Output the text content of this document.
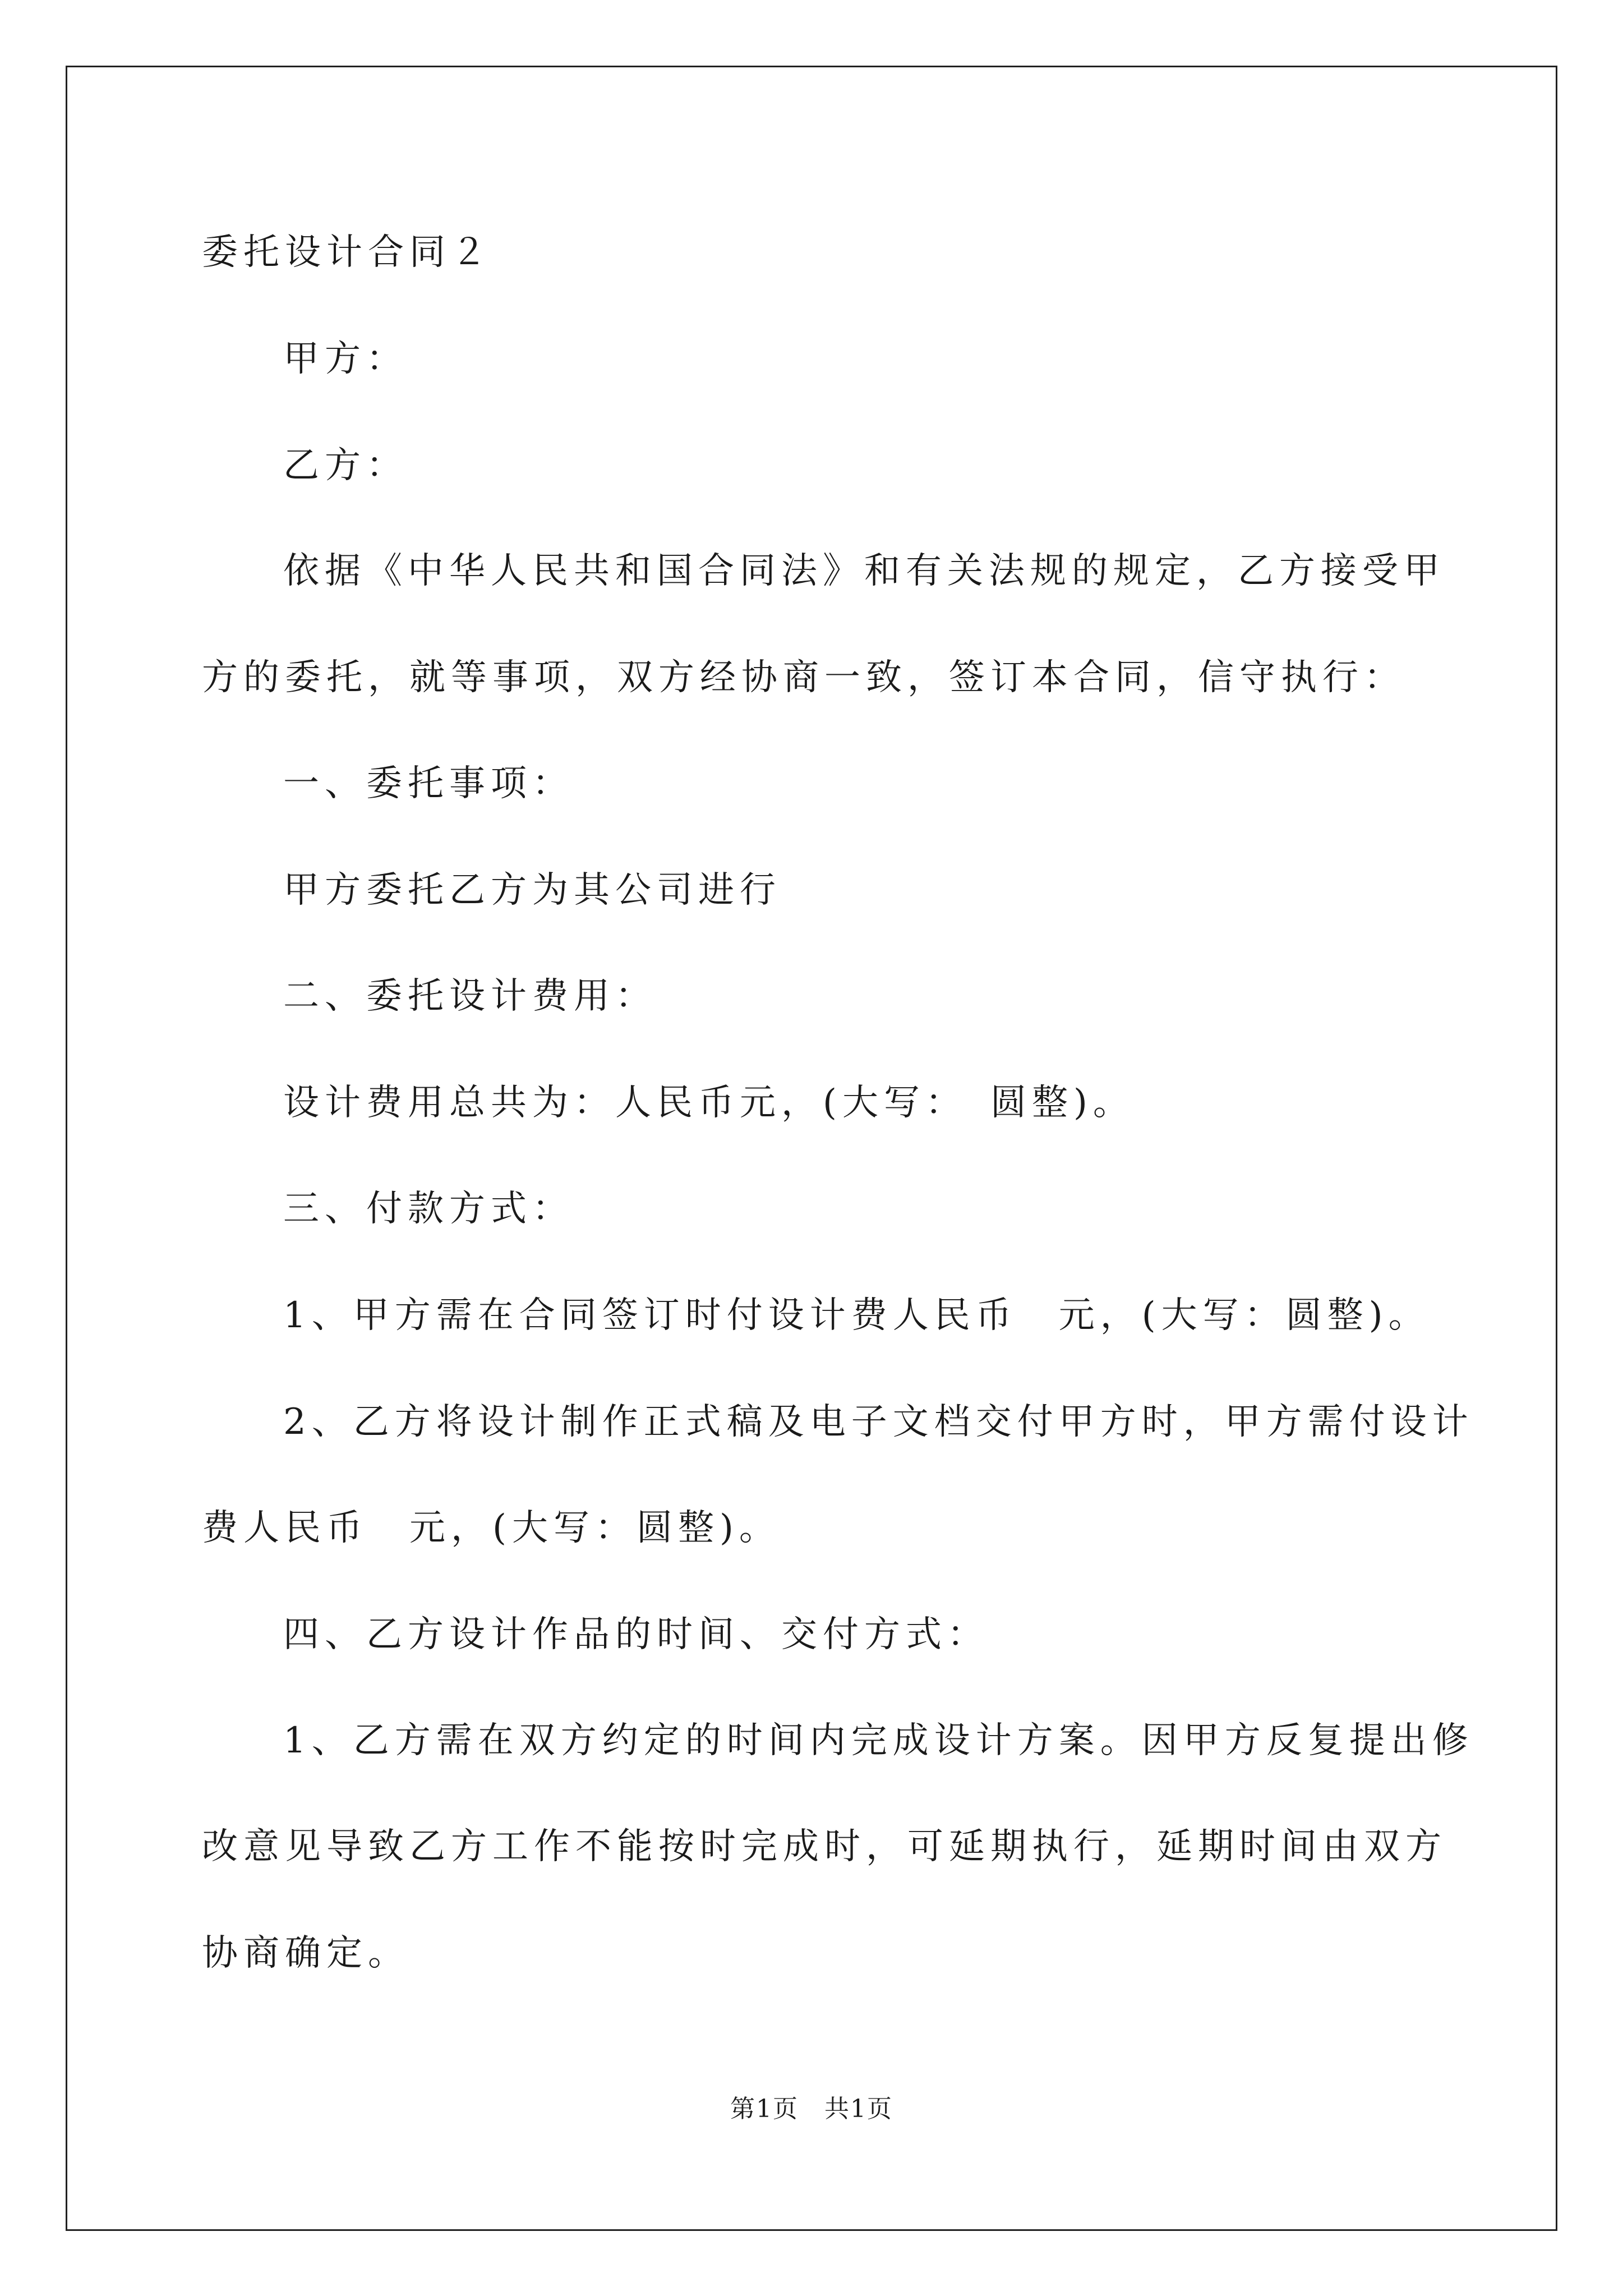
委托设计合同２
甲方：
乙方：
依据《中华人民共和国合同法》和有关法规的规定，乙方接受甲
方的委托，就等事项，双方经协商一致，签订本合同，信守执行：
一、委托事项：
甲方委托乙方为其公司进行
二、委托设计费用：
设计费用总共为：人民币元，(大写：　圆整)。
三、付款方式：
1、甲方需在合同签订时付设计费人民币　元，(大写：圆整)。
2、乙方将设计制作正式稿及电子文档交付甲方时，甲方需付设计
费人民币　元，(大写：圆整)。
四、乙方设计作品的时间、交付方式：
1、乙方需在双方约定的时间内完成设计方案。因甲方反复提出修
改意见导致乙方工作不能按时完成时，可延期执行，延期时间由双方
协商确定。
第1页　共1页
